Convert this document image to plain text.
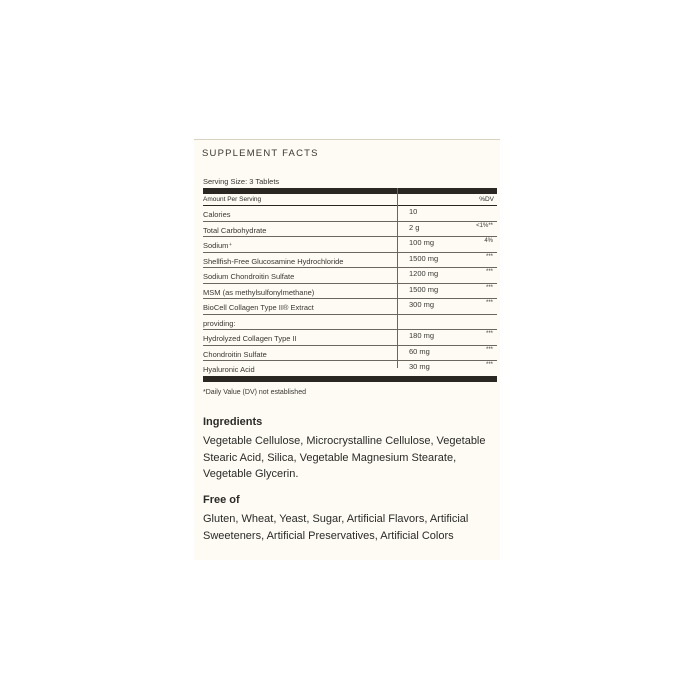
SUPPLEMENT FACTS
Serving Size: 3 Tablets
Amount Per Serving	%DV
Calories	10
Total Carbohydrate	2 g	<1%**
Sodium⁺	100 mg	4%
Shellfish-Free Glucosamine Hydrochloride	1500 mg	***
Sodium Chondroitin Sulfate	1200 mg	***
MSM (as methylsulfonylmethane)	1500 mg	***
BioCell Collagen Type II® Extract	300 mg	***
providing:
Hydrolyzed Collagen Type II	180 mg	***
Chondroitin Sulfate	60 mg	***
Hyaluronic Acid	30 mg	***
*Daily Value (DV) not established
Ingredients
Vegetable Cellulose, Microcrystalline Cellulose, Vegetable Stearic Acid, Silica, Vegetable Magnesium Stearate, Vegetable Glycerin.
Free of
Gluten, Wheat, Yeast, Sugar, Artificial Flavors, Artificial Sweeteners, Artificial Preservatives, Artificial Colors
